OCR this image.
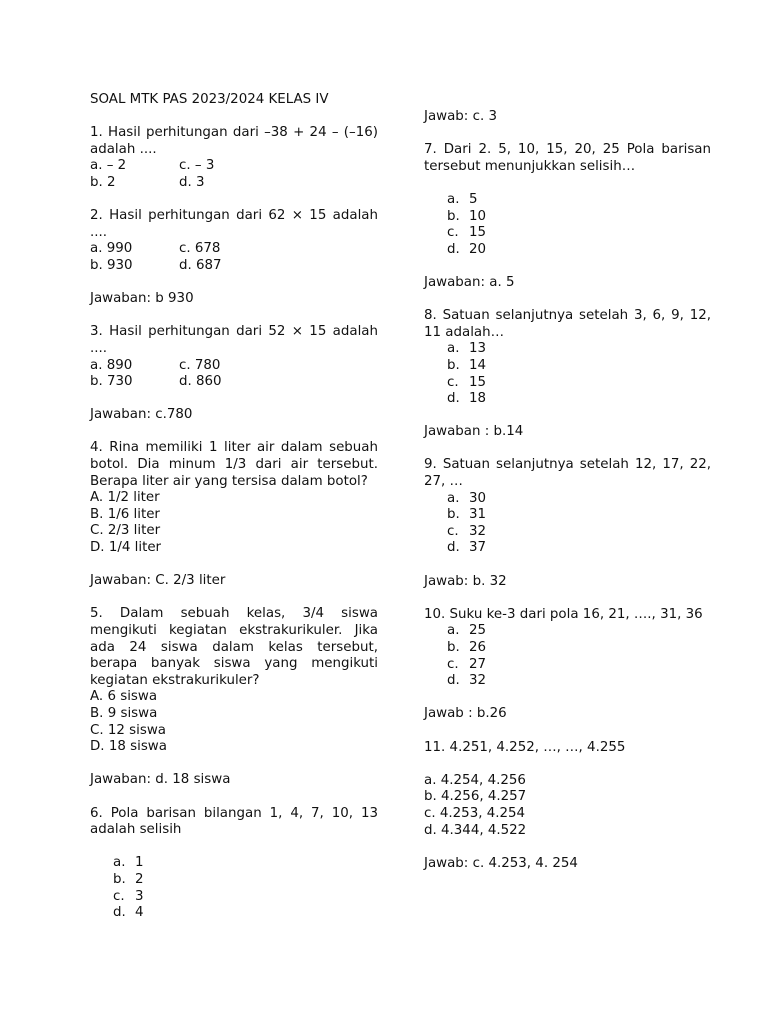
SOAL MTK PAS 2023/2024 KELAS IV

1. Hasil perhitungan dari –38 + 24 – (–16) adalah ....

a. – 2	c. – 3
b. 2	d. 3

2. Hasil perhitungan dari 62 × 15 adalah ....

a. 990	c. 678
b. 930	d. 687

Jawaban: b 930

3. Hasil perhitungan dari 52 × 15 adalah ....

a. 890	c. 780
b. 730	d. 860

Jawaban: c.780

4. Rina memiliki 1 liter air dalam sebuah botol. Dia minum 1/3 dari air tersebut. Berapa liter air yang tersisa dalam botol?

A. 1/2 liter

B. 1/6 liter

C. 2/3 liter

D. 1/4 liter

Jawaban: C. 2/3 liter

5. Dalam sebuah kelas, 3/4 siswa mengikuti kegiatan ekstrakurikuler. Jika ada 24 siswa dalam kelas tersebut, berapa banyak siswa yang mengikuti kegiatan ekstrakurikuler?

A. 6 siswa

B. 9 siswa

C. 12 siswa

D. 18 siswa

Jawaban: d. 18 siswa

6. Pola barisan bilangan 1, 4, 7, 10, 13 adalah selisih

a. 1
b. 2
c. 3
d. 4

Jawab: c. 3

7. Dari 2. 5, 10, 15, 20, 25 Pola barisan tersebut menunjukkan selisih…

a. 5
b. 10
c. 15
d. 20

Jawaban: a. 5

8. Satuan selanjutnya setelah 3, 6, 9, 12, 11 adalah…

a. 13
b. 14
c. 15
d. 18

Jawaban : b.14

9. Satuan selanjutnya setelah 12, 17, 22, 27, …

a. 30
b. 31
c. 32
d. 37

Jawab: b. 32

10. Suku ke-3 dari pola 16, 21, …., 31, 36

a. 25
b. 26
c. 27
d. 32

Jawab : b.26

11. 4.251, 4.252, …, …, 4.255

a. 4.254, 4.256

b. 4.256, 4.257

c. 4.253, 4.254

d. 4.344, 4.522

Jawab: c. 4.253, 4. 254
